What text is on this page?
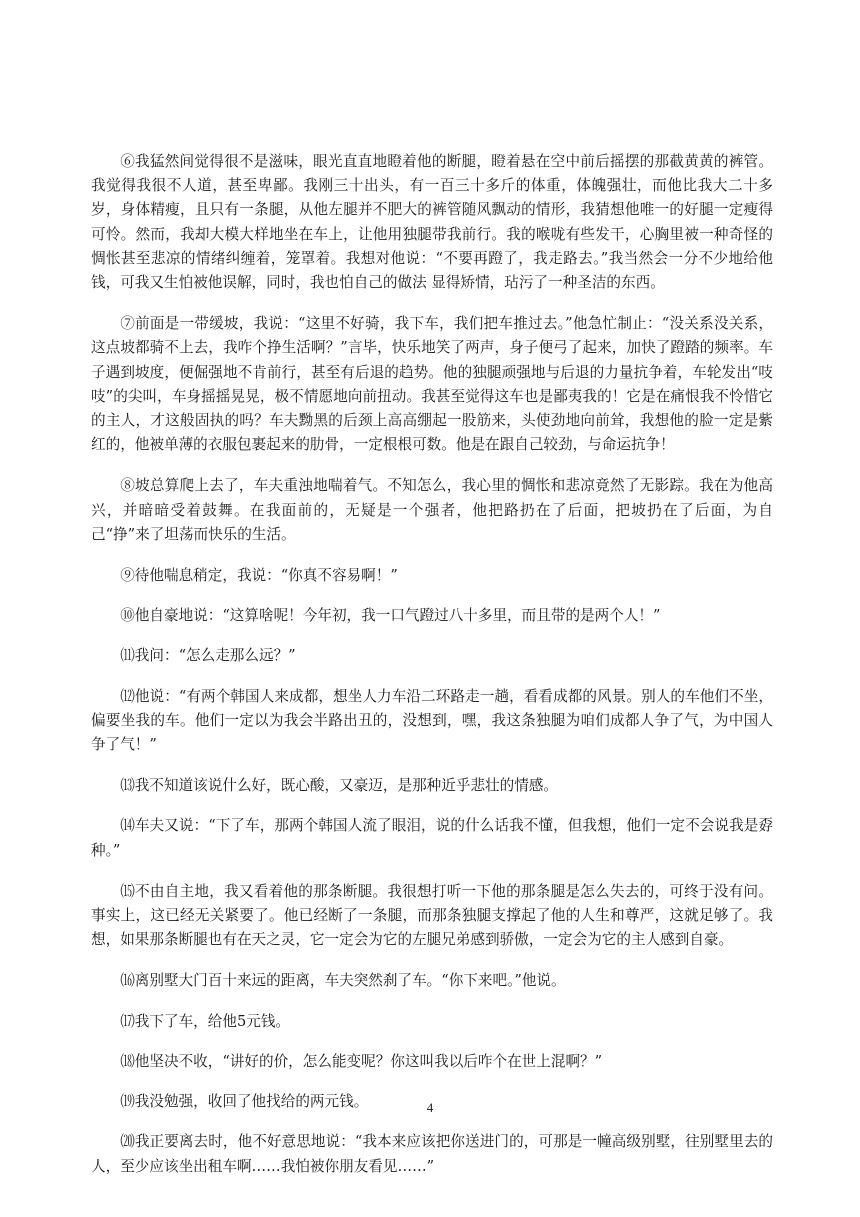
⑥我猛然间觉得很不是滋味，眼光直直地瞪着他的断腿，瞪着悬在空中前后摇摆的那截黄黄的裤管。我觉得我很不人道，甚至卑鄙。我刚三十出头，有一百三十多斤的体重，体魄强壮，而他比我大二十多岁，身体精瘦，且只有一条腿，从他左腿并不肥大的裤管随风飘动的情形，我猜想他唯一的好腿一定瘦得可怜。然而，我却大模大样地坐在车上，让他用独腿带我前行。我的喉咙有些发干，心胸里被一种奇怪的惆怅甚至悲凉的情绪纠缠着，笼罩着。我想对他说：“不要再蹬了，我走路去。”我当然会一分不少地给他钱，可我又生怕被他误解，同时，我也怕自己的做法 显得矫情，玷污了一种圣洁的东西。

⑦前面是一带缓坡，我说：“这里不好骑，我下车，我们把车推过去。”他急忙制止：“没关系没关系，这点坡都骑不上去，我咋个挣生活啊？”言毕，快乐地笑了两声，身子便弓了起来，加快了蹬踏的频率。车子遇到坡度，便倔强地不肯前行，甚至有后退的趋势。他的独腿顽强地与后退的力量抗争着，车轮发出“吱吱”的尖叫，车身摇摇晃晃，极不情愿地向前扭动。我甚至觉得这车也是鄙夷我的！它是在痛恨我不怜惜它的主人，才这般固执的吗？车夫黝黑的后颈上高高绷起一股筋来，头使劲地向前耸，我想他的脸一定是紫红的，他被单薄的衣服包裹起来的肋骨，一定根根可数。他是在跟自己较劲，与命运抗争！

⑧坡总算爬上去了，车夫重浊地喘着气。不知怎么，我心里的惆怅和悲凉竟然了无影踪。我在为他高兴，并暗暗受着鼓舞。在我面前的，无疑是一个强者，他把路扔在了后面，把坡扔在了后面，为自己“挣”来了坦荡而快乐的生活。

⑨待他喘息稍定，我说：“你真不容易啊！”

⑩他自豪地说：“这算啥呢！今年初，我一口气蹬过八十多里，而且带的是两个人！”

⑾我问：“怎么走那么远？”

⑿他说：“有两个韩国人来成都，想坐人力车沿二环路走一趟，看看成都的风景。别人的车他们不坐，偏要坐我的车。他们一定以为我会半路出丑的，没想到，嘿，我这条独腿为咱们成都人争了气，为中国人争了气！”

⒀我不知道该说什么好，既心酸，又豪迈，是那种近乎悲壮的情感。

⒁车夫又说：“下了车，那两个韩国人流了眼泪，说的什么话我不懂，但我想，他们一定不会说我是孬种。”

⒂不由自主地，我又看着他的那条断腿。我很想打听一下他的那条腿是怎么失去的，可终于没有问。事实上，这已经无关紧要了。他已经断了一条腿，而那条独腿支撑起了他的人生和尊严，这就足够了。我想，如果那条断腿也有在天之灵，它一定会为它的左腿兄弟感到骄傲，一定会为它的主人感到自豪。

⒃离别墅大门百十来远的距离，车夫突然刹了车。“你下来吧。”他说。

⒄我下了车，给他5元钱。

⒅他坚决不收，“讲好的价，怎么能变呢？你这叫我以后咋个在世上混啊？”

⒆我没勉强，收回了他找给的两元钱。

⒇我正要离去时，他不好意思地说：“我本来应该把你送进门的，可那是一幢高级别墅，往别墅里去的人，至少应该坐出租车啊……我怕被你朋友看见……”

4
